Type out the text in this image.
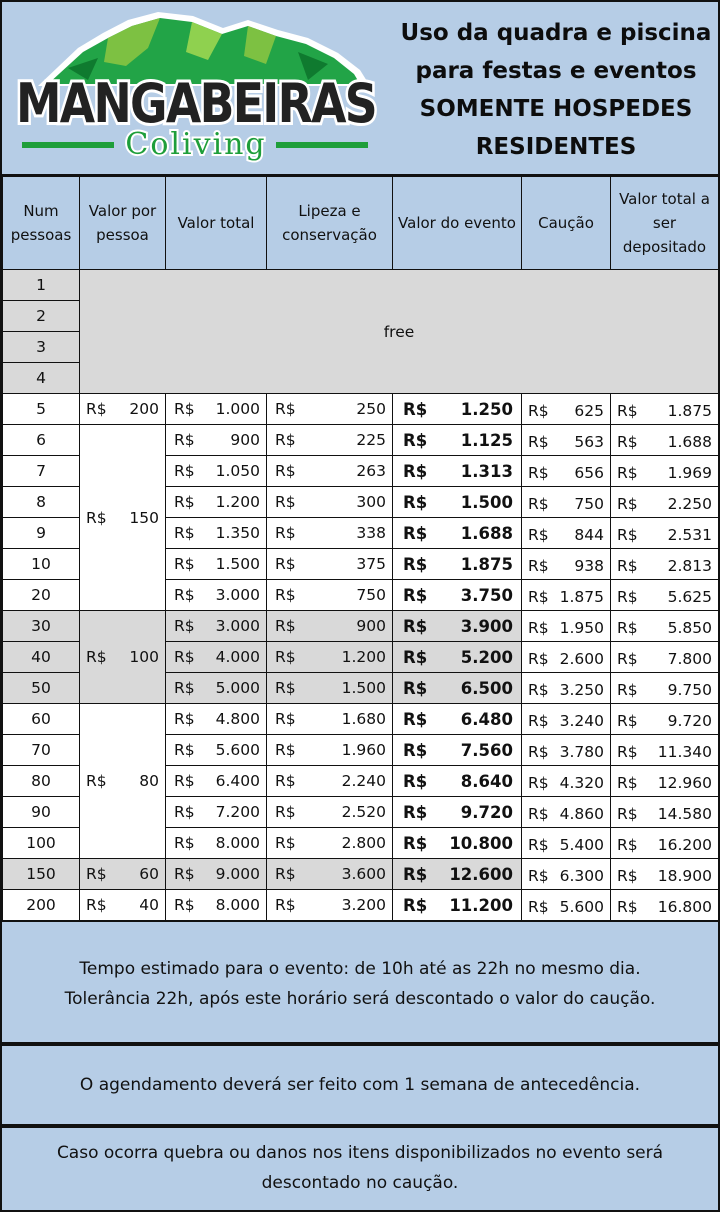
MANGABEIRAS
Coliving
Uso da quadra e piscina
para festas e eventos
SOMENTE HOSPEDES
RESIDENTES
Num pessoas	Valor por pessoa	Valor total	Lipeza e conservação	Valor do evento	Caução	Valor total a ser depositado
1	free					
2						
3						
4						
5	R$ 200	R$ 1.000	R$ 250	R$ 1.250	R$ 625	R$ 1.875

6	R$ 150	R$ 900	R$ 225	R$ 1.125	R$ 563	R$ 1.688

7		R$ 1.050	R$ 263	R$ 1.313	R$ 656	R$ 1.969

8		R$ 1.200	R$ 300	R$ 1.500	R$ 750	R$ 2.250

9		R$ 1.350	R$ 338	R$ 1.688	R$ 844	R$ 2.531

10		R$ 1.500	R$ 375	R$ 1.875	R$ 938	R$ 2.813

20		R$ 3.000	R$ 750	R$ 3.750	R$ 1.875	R$ 5.625

30	R$ 100	R$ 3.000	R$ 900	R$ 3.900	R$ 1.950	R$ 5.850

40		R$ 4.000	R$ 1.200	R$ 5.200	R$ 2.600	R$ 7.800

50		R$ 5.000	R$ 1.500	R$ 6.500	R$ 3.250	R$ 9.750

60	R$ 80	R$ 4.800	R$ 1.680	R$ 6.480	R$ 3.240	R$ 9.720

70		R$ 5.600	R$ 1.960	R$ 7.560	R$ 3.780	R$ 11.340

80		R$ 6.400	R$ 2.240	R$ 8.640	R$ 4.320	R$ 12.960

90		R$ 7.200	R$ 2.520	R$ 9.720	R$ 4.860	R$ 14.580

100		R$ 8.000	R$ 2.800	R$ 10.800	R$ 5.400	R$ 16.200

150	R$ 60	R$ 9.000	R$ 3.600	R$ 12.600	R$ 6.300	R$ 18.900

200	R$ 40	R$ 8.000	R$ 3.200	R$ 11.200	R$ 5.600	R$ 16.800
Tempo estimado para o evento: de 10h até as 22h no mesmo dia.
Tolerância 22h, após este horário será descontado o valor do caução.
O agendamento deverá ser feito com 1 semana de antecedência.
Caso ocorra quebra ou danos nos itens disponibilizados no evento será
descontado no caução.
